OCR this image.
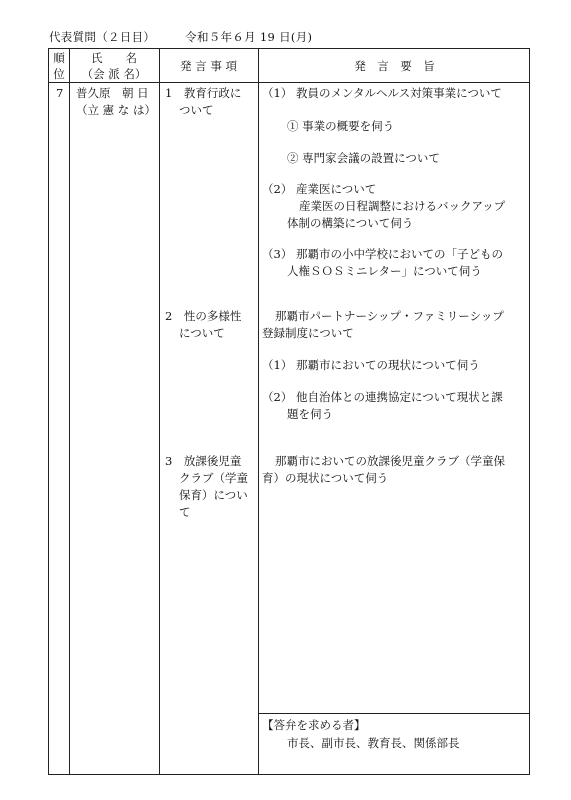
代表質問（２日目）	令和５年６月 19 日(月)
順
位
氏　　名
（会 派 名）
発 言 事 項	発　言　要　旨
7 普久原　朝 日
（立 憲 な は）
1　教育行政に
ついて
2　性の多様性
について
3　放課後児童
クラブ（学童
保育）につい
て
（1） 教員のメンタルヘルス対策事業について
① 事業の概要を伺う
② 専門家会議の設置について
（2） 産業医について
産業医の日程調整におけるバックアップ
体制の構築について伺う
（3） 那覇市の小中学校においての「子どもの
人権ＳＯＳミニレター」について伺う
那覇市パートナーシップ・ファミリーシップ
登録制度について
（1） 那覇市においての現状について伺う
（2） 他自治体との連携協定について現状と課
題を伺う
那覇市においての放課後児童クラブ（学童保
育）の現状について伺う
【答弁を求める者】
市長、副市長、教育長、関係部長
